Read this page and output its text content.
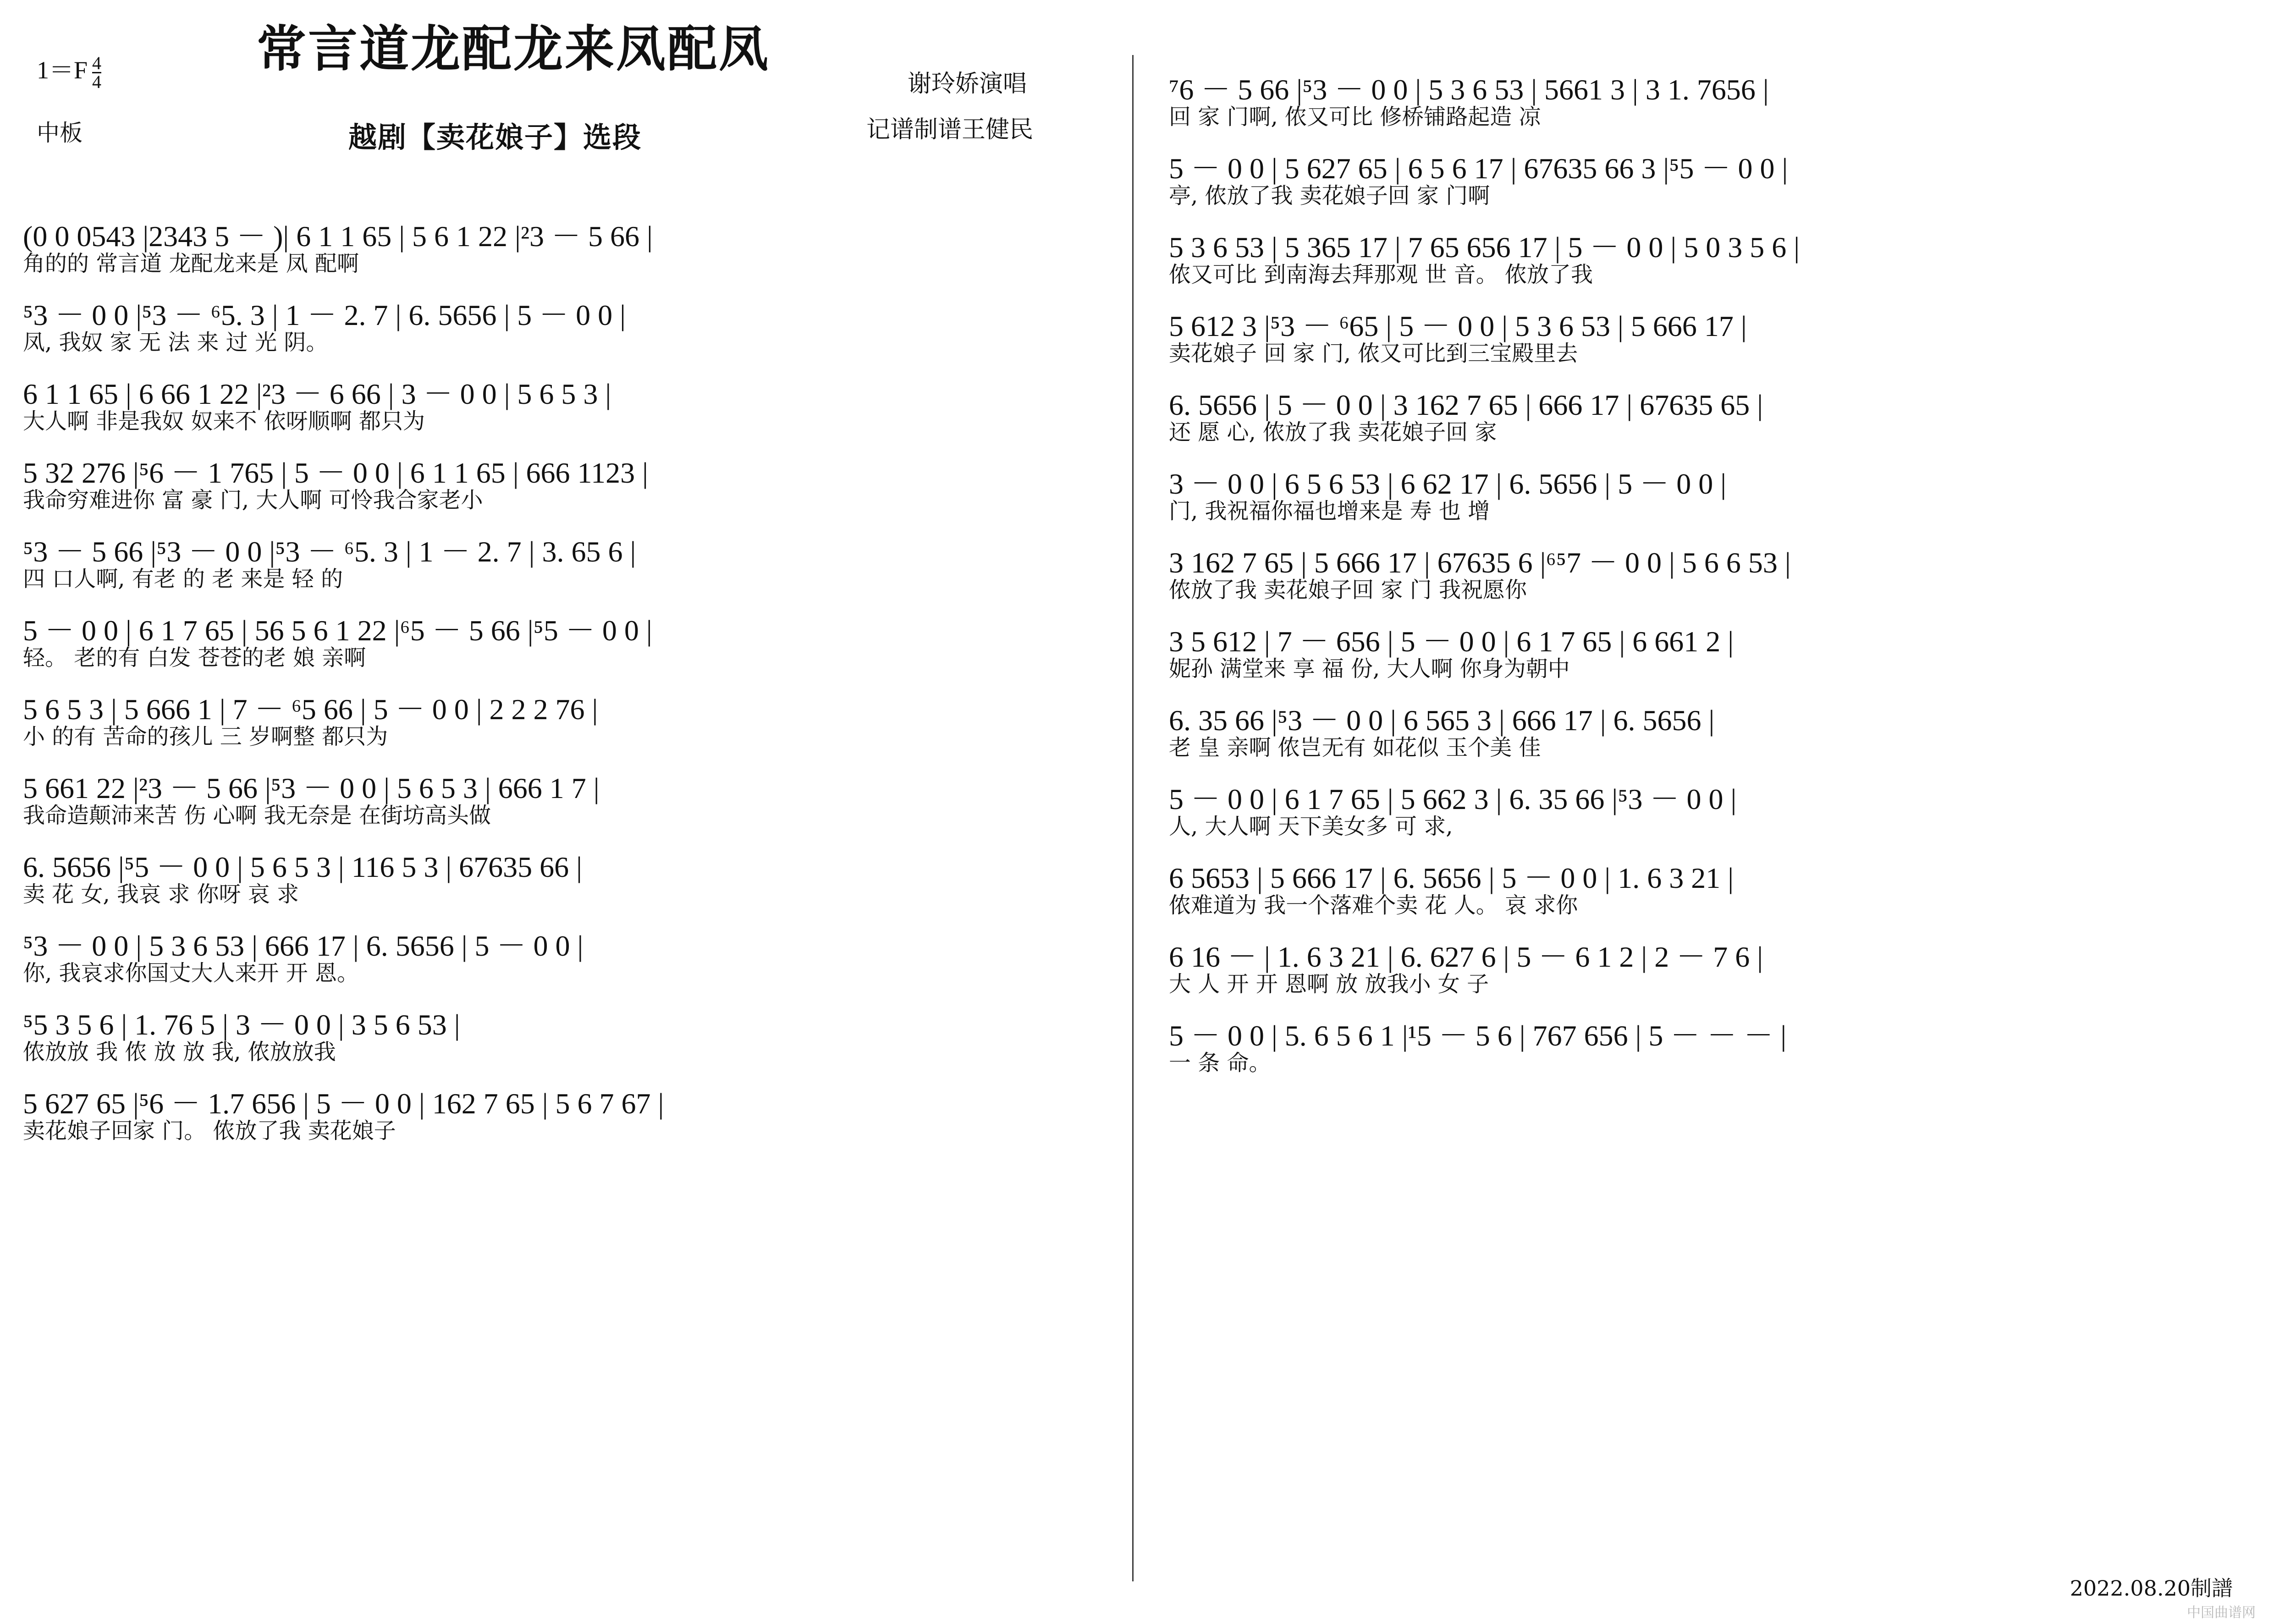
常言道龙配龙来凤配凤
越剧【卖花娘子】选段
谢玲娇演唱
记谱制谱王健民
$1=F \frac{4}{4}$
中板
(0 0 0543 |2343 5 － )| 6 1 1 65 | 5 6 1 22 |²3 － 5 66 |
角的的 常言道 龙配龙来是 凤 配啊
⁵3 － 0 0 |⁵3 － ⁶5. 3 | 1 － 2. 7 | 6. 5656 | 5 － 0 0 |
凤, 我奴 家 无 法 来 过 光 阴。
6 1 1 65 | 6 66 1 22 |²3 － 6 66 | 3 － 0 0 | 5 6 5 3 |
大人啊 非是我奴 奴来不 依呀顺啊 都只为
5 32 276 |⁵6 － 1 765 | 5 － 0 0 | 6 1 1 65 | 666 1123 |
我命穷难进你 富 豪 门, 大人啊 可怜我合家老小
⁵3 － 5 66 |⁵3 － 0 0 |⁵3 － ⁶5. 3 | 1 － 2. 7 | 3. 65 6 |
四 口人啊, 有老 的 老 来是 轻 的
5 － 0 0 | 6 1 7 65 | 56 5 6 1 22 |⁶5 － 5 66 |⁵5 － 0 0 |
轻。 老的有 白发 苍苍的老 娘 亲啊
5 6 5 3 | 5 666 1 | 7 － ⁶5 66 | 5 － 0 0 | 2 2 2 76 |
小 的有 苦命的孩儿 三 岁啊整 都只为
5 661 22 |²3 － 5 66 |⁵3 － 0 0 | 5 6 5 3 | 666 1 7 |
我命造颠沛来苦 伤 心啊 我无奈是 在街坊高头做
6. 5656 |⁵5 － 0 0 | 5 6 5 3 | 116 5 3 | 67635 66 |
卖 花 女, 我哀 求 你呀 哀 求
⁵3 － 0 0 | 5 3 6 53 | 666 17 | 6. 5656 | 5 － 0 0 |
你, 我哀求你国丈大人来开 开 恩。
⁵5 3 5 6 | 1. 76 5 | 3 － 0 0 | 3 5 6 53 |
侬放放 我 侬 放 放 我, 侬放放我
5 627 65 |⁵6 － 1.7 656 | 5 － 0 0 | 162 7 65 | 5 6 7 67 |
卖花娘子回家 门。 侬放了我 卖花娘子
⁷6 － 5 66 |⁵3 － 0 0 | 5 3 6 53 | 5661 3 | 3 1. 7656 |
回 家 门啊, 侬又可比 修桥铺路起造 凉
5 － 0 0 | 5 627 65 | 6 5 6 17 | 67635 66 3 |⁵5 － 0 0 |
亭, 侬放了我 卖花娘子回 家 门啊
5 3 6 53 | 5 365 17 | 7 65 656 17 | 5 － 0 0 | 5 0 3 5 6 |
侬又可比 到南海去拜那观 世 音。 侬放了我
5 612 3 |⁵3 － ⁶65 | 5 － 0 0 | 5 3 6 53 | 5 666 17 |
卖花娘子 回 家 门, 侬又可比到三宝殿里去
6. 5656 | 5 － 0 0 | 3 162 7 65 | 666 17 | 67635 65 |
还 愿 心, 侬放了我 卖花娘子回 家
3 － 0 0 | 6 5 6 53 | 6 62 17 | 6. 5656 | 5 － 0 0 |
门, 我祝福你福也增来是 寿 也 增
3 162 7 65 | 5 666 17 | 67635 6 |⁶⁵7 － 0 0 | 5 6 6 53 |
侬放了我 卖花娘子回 家 门 我祝愿你
3 5 612 | 7 － 656 | 5 － 0 0 | 6 1 7 65 | 6 661 2 |
妮孙 满堂来 享 福 份, 大人啊 你身为朝中
6. 35 66 |⁵3 － 0 0 | 6 565 3 | 666 17 | 6. 5656 |
老 皇 亲啊 侬岂无有 如花似 玉个美 佳
5 － 0 0 | 6 1 7 65 | 5 662 3 | 6. 35 66 |⁵3 － 0 0 |
人, 大人啊 天下美女多 可 求,
6 5653 | 5 666 17 | 6. 5656 | 5 － 0 0 | 1. 6 3 21 |
侬难道为 我一个落难个卖 花 人。 哀 求你
6 16 － | 1. 6 3 21 | 6. 627 6 | 5 － 6 1 2 | 2 － 7 6 |
大 人 开 开 恩啊 放 放我小 女 子
5 － 0 0 | 5. 6 5 6 1 |¹5 － 5 6 | 767 656 | 5 － － － |
一 条 命。
2022.08.20制譜
中国曲谱网
